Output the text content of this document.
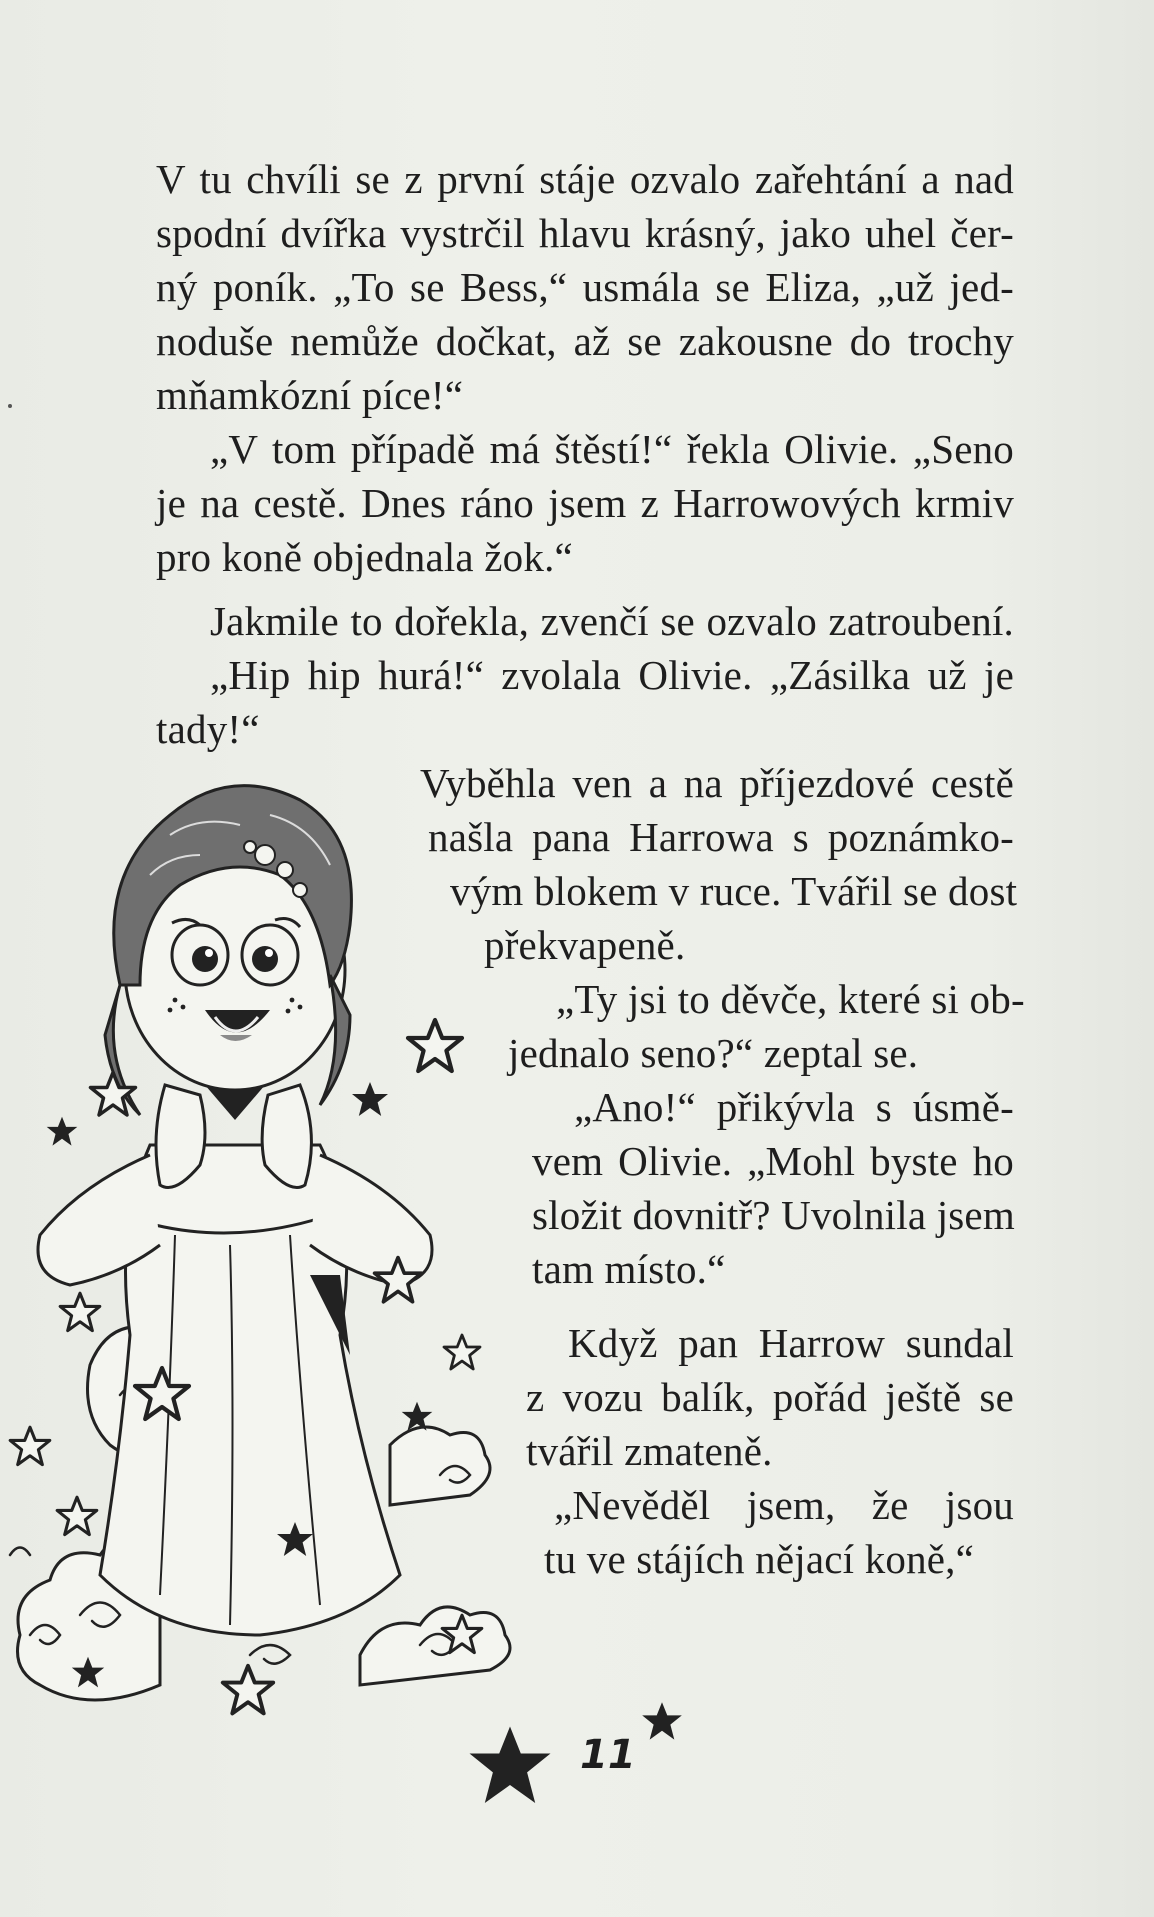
V tu chvíli se z první stáje ozvalo zařehtání a nad
spodní dvířka vystrčil hlavu krásný, jako uhel čer-
ný poník. „To se Bess,“ usmála se Eliza, „už jed-
noduše nemůže dočkat, až se zakousne do trochy
mňamkózní píce!“
„V tom případě má štěstí!“ řekla Olivie. „Seno
je na cestě. Dnes ráno jsem z Harrowových krmiv
pro koně objednala žok.“
Jakmile to dořekla, zvenčí se ozvalo zatroubení.
„Hip hip hurá!“ zvolala Olivie. „Zásilka už je
tady!“
Vyběhla ven a na příjezdové cestě
našla pana Harrowa s poznámko-
vým blokem v ruce. Tvářil se dost
překvapeně.
„Ty jsi to děvče, které si ob-
jednalo seno?“ zeptal se.
„Ano!“ přikývla s úsmě-
vem Olivie. „Mohl byste ho
složit dovnitř? Uvolnila jsem
tam místo.“
Když pan Harrow sundal
z vozu balík, pořád ještě se
tvářil zmateně.
„Nevěděl jsem, že jsou
tu ve stájích nějací koně,“
11
